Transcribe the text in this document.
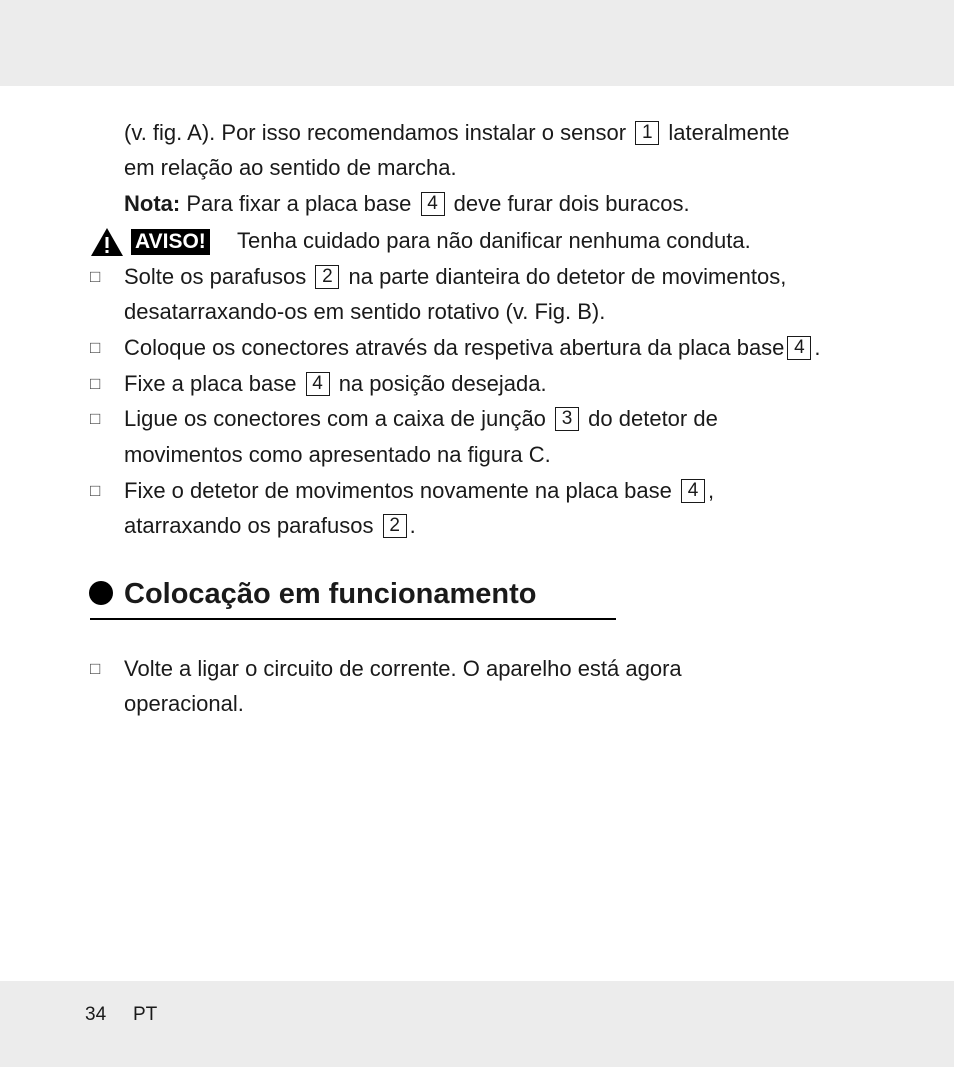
(v. fig. A). Por isso recomendamos instalar o sensor 1 lateralmente
em relação ao sentido de marcha.
Nota: Para fixar a placa base 4 deve furar dois buracos.
AVISO! Tenha cuidado para não danificar nenhuma conduta.
□ Solte os parafusos 2 na parte dianteira do detetor de movimentos,
desatarraxando-os em sentido rotativo (v. Fig. B).
□ Coloque os conectores através da respetiva abertura da placa base 4 .
□ Fixe a placa base 4 na posição desejada.
□ Ligue os conectores com a caixa de junção 3 do detetor de
movimentos como apresentado na figura C.
□ Fixe o detetor de movimentos novamente na placa base 4 ,
atarraxando os parafusos 2 .
Colocação em funcionamento
□ Volte a ligar o circuito de corrente. O aparelho está agora
operacional.
34 PT
